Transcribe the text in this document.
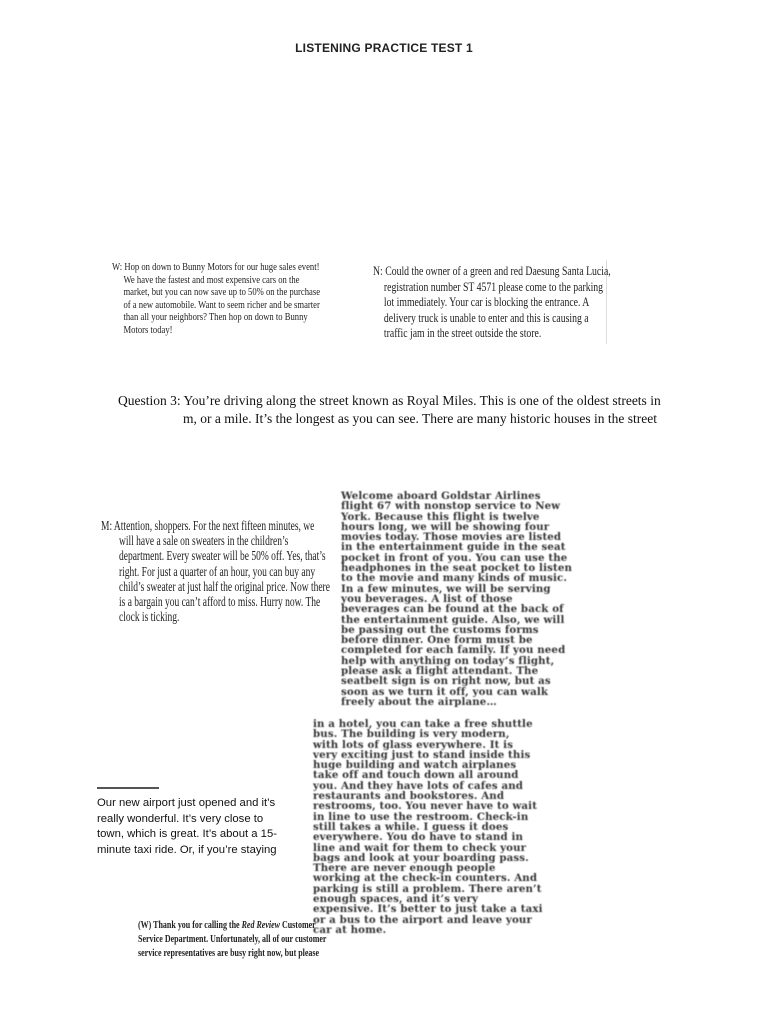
LISTENING PRACTICE TEST 1
W: Hop on down to Bunny Motors for our huge sales event!
We have the fastest and most expensive cars on the
market, but you can now save up to 50% on the purchase
of a new automobile. Want to seem richer and be smarter
than all your neighbors? Then hop on down to Bunny
Motors today!
N: Could the owner of a green and red Daesung Santa Lucia,
registration number ST 4571 please come to the parking
lot immediately. Your car is blocking the entrance. A
delivery truck is unable to enter and this is causing a
traffic jam in the street outside the store.
Question 3: You’re driving along the street known as Royal Miles. This is one of the oldest streets in
m, or a mile. It’s the longest as you can see. There are many historic houses in the street
M: Attention, shoppers. For the next fifteen minutes, we
will have a sale on sweaters in the children’s
department. Every sweater will be 50% off. Yes, that’s
right. For just a quarter of an hour, you can buy any
child’s sweater at just half the original price. Now there
is a bargain you can’t afford to miss. Hurry now. The
clock is ticking.
Welcome aboard Goldstar Airlines
flight 67 with nonstop service to New
York. Because this flight is twelve
hours long, we will be showing four
movies today. Those movies are listed
in the entertainment guide in the seat
pocket in front of you. You can use the
headphones in the seat pocket to listen
to the movie and many kinds of music.
In a few minutes, we will be serving
you beverages. A list of those
beverages can be found at the back of
the entertainment guide. Also, we will
be passing out the customs forms
before dinner. One form must be
completed for each family. If you need
help with anything on today’s flight,
please ask a flight attendant. The
seatbelt sign is on right now, but as
soon as we turn it off, you can walk
freely about the airplane…
in a hotel, you can take a free shuttle
bus. The building is very modern,
with lots of glass everywhere. It is
very exciting just to stand inside this
huge building and watch airplanes
take off and touch down all around
you. And they have lots of cafes and
restaurants and bookstores. And
restrooms, too. You never have to wait
in line to use the restroom. Check-in
still takes a while. I guess it does
everywhere. You do have to stand in
line and wait for them to check your
bags and look at your boarding pass.
There are never enough people
working at the check-in counters. And
parking is still a problem. There aren’t
enough spaces, and it’s very
expensive. It’s better to just take a taxi
or a bus to the airport and leave your
car at home.
Our new airport just opened and it’s
really wonderful. It’s very close to
town, which is great. It’s about a 15-
minute taxi ride. Or, if you’re staying
(W) Thank you for calling the Red Review Customer
Service Department. Unfortunately, all of our customer
service representatives are busy right now, but please
